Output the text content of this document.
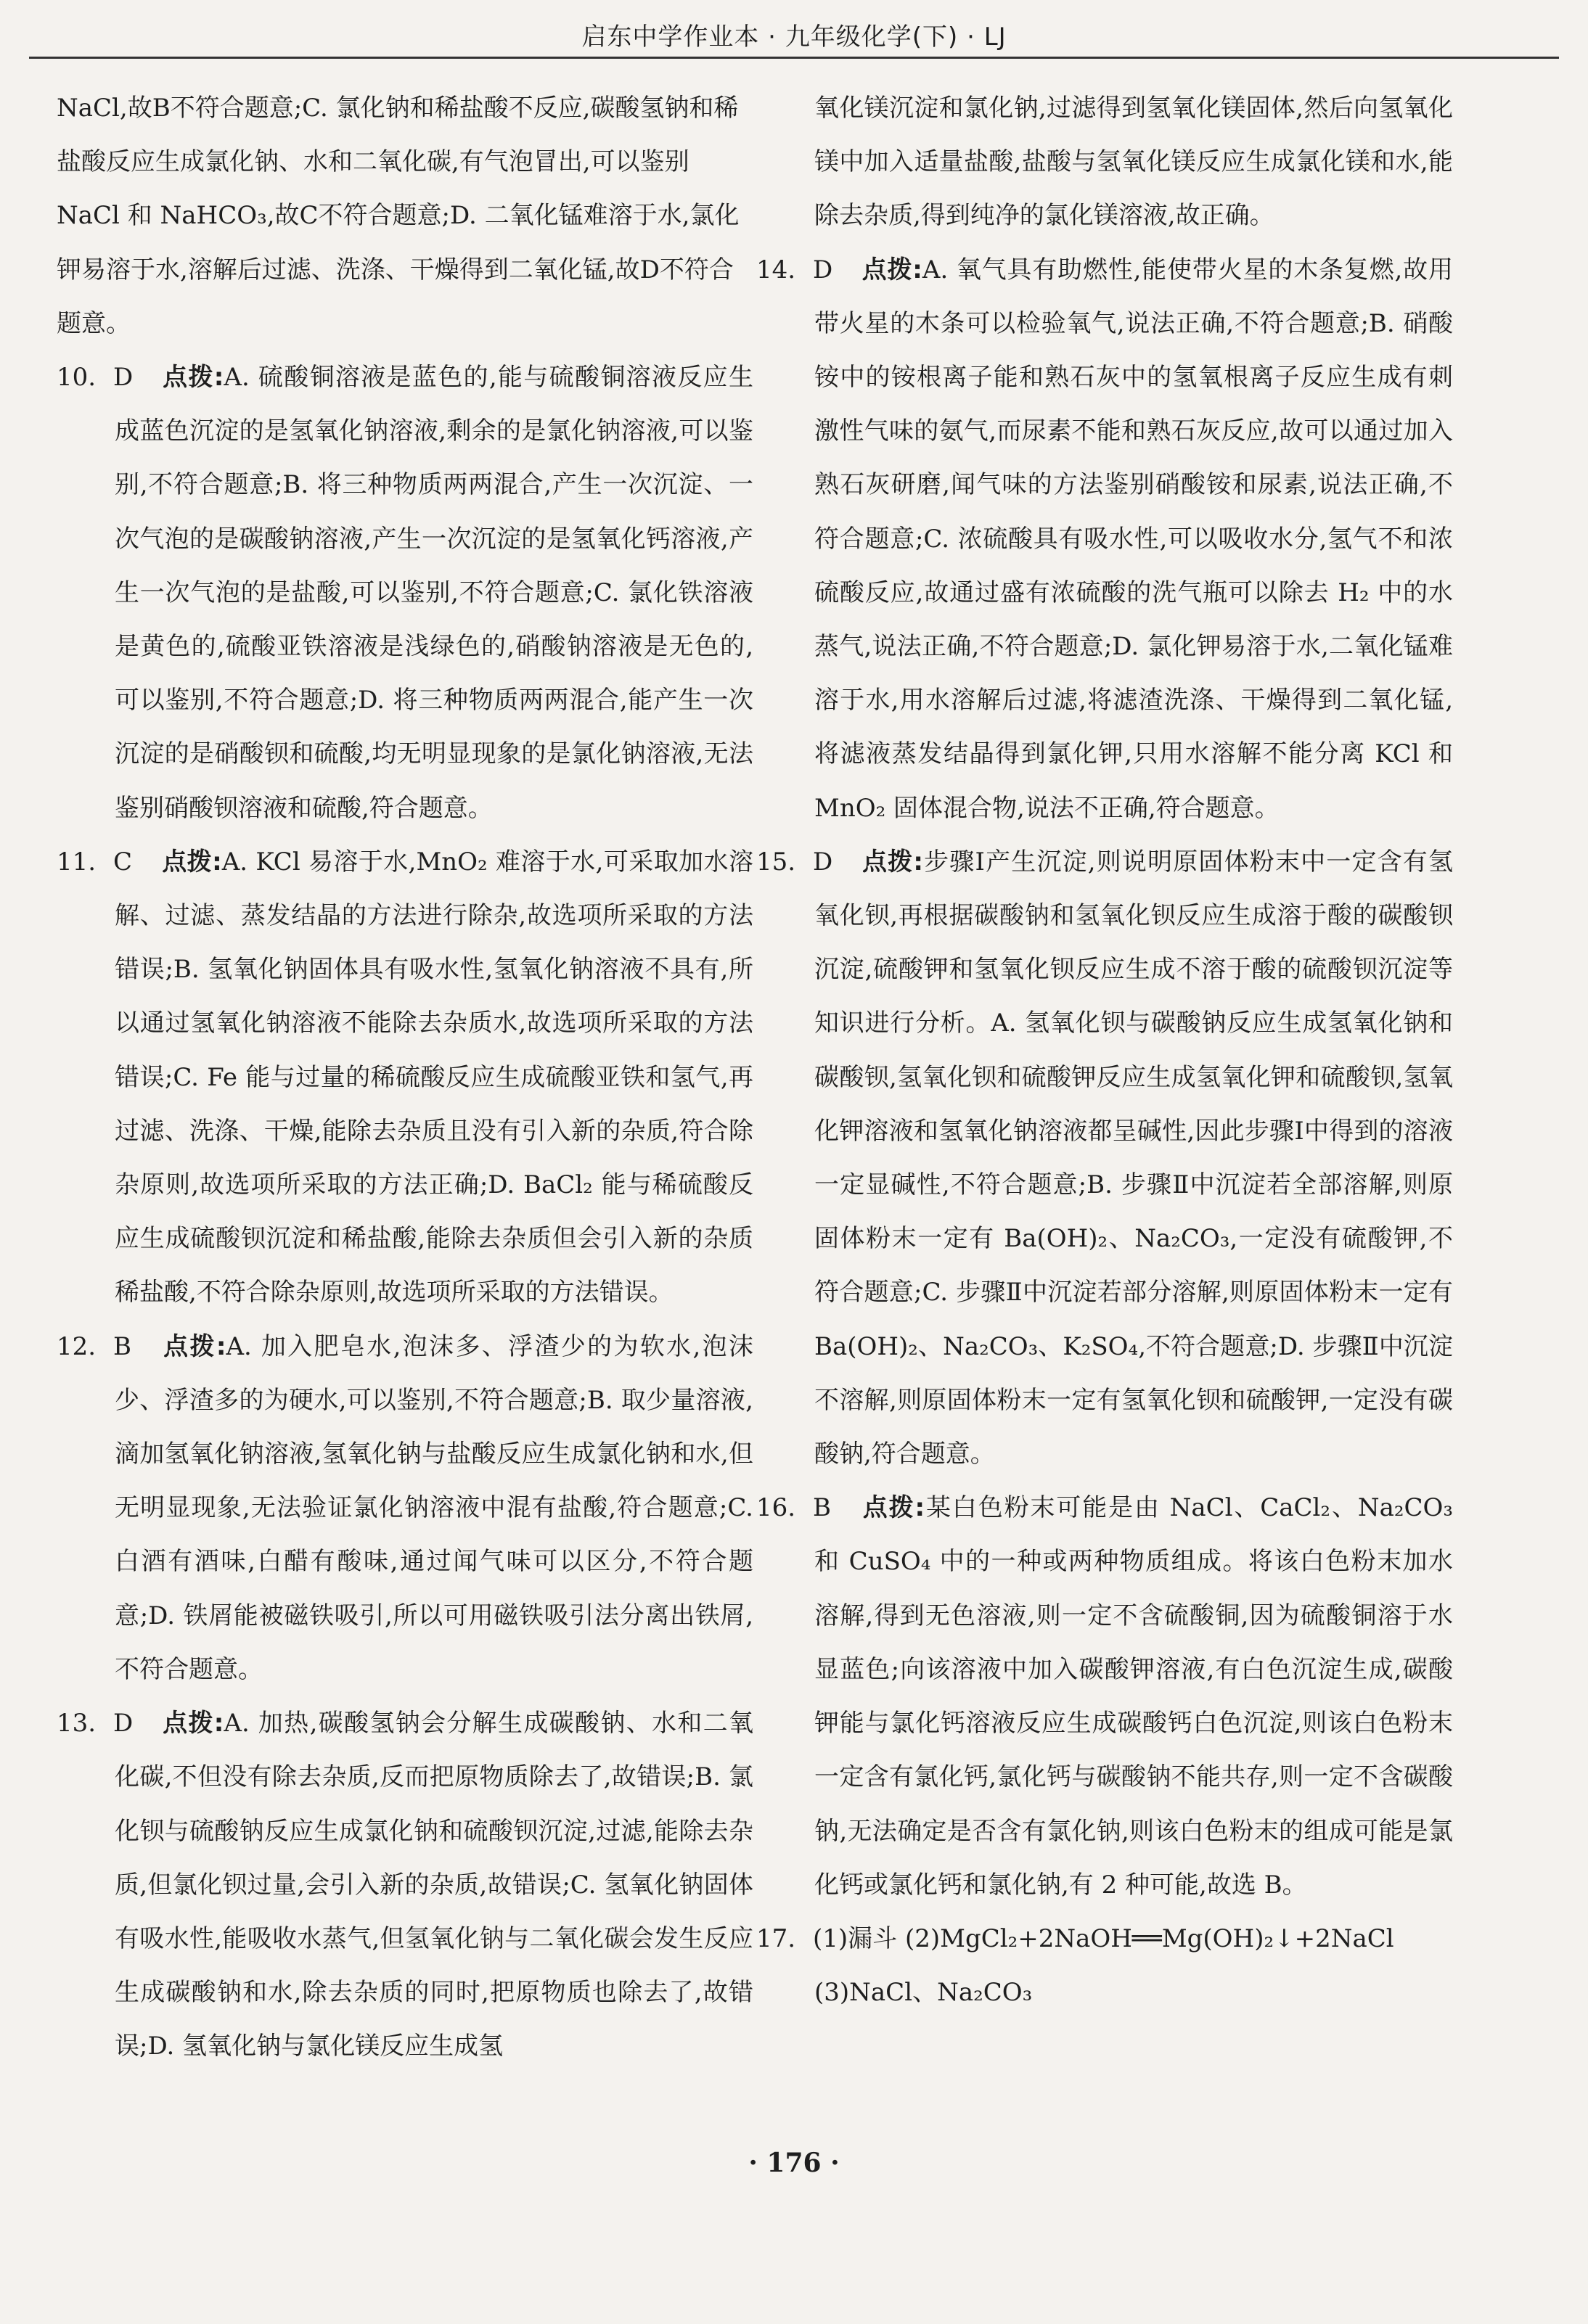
启东中学作业本 · 九年级化学(下) · LJ

NaCl,故B不符合题意;C. 氯化钠和稀盐酸不反应,碳酸氢钠和稀盐酸反应生成氯化钠、水和二氧化碳,有气泡冒出,可以鉴别 NaCl 和 NaHCO₃,故C不符合题意;D. 二氧化锰难溶于水,氯化钾易溶于水,溶解后过滤、洗涤、干燥得到二氧化锰,故D不符合题意。

10. D 点拨:A. 硫酸铜溶液是蓝色的,能与硫酸铜溶液反应生成蓝色沉淀的是氢氧化钠溶液,剩余的是氯化钠溶液,可以鉴别,不符合题意;B. 将三种物质两两混合,产生一次沉淀、一次气泡的是碳酸钠溶液,产生一次沉淀的是氢氧化钙溶液,产生一次气泡的是盐酸,可以鉴别,不符合题意;C. 氯化铁溶液是黄色的,硫酸亚铁溶液是浅绿色的,硝酸钠溶液是无色的,可以鉴别,不符合题意;D. 将三种物质两两混合,能产生一次沉淀的是硝酸钡和硫酸,均无明显现象的是氯化钠溶液,无法鉴别硝酸钡溶液和硫酸,符合题意。
11. C 点拨:A. KCl 易溶于水,MnO₂ 难溶于水,可采取加水溶解、过滤、蒸发结晶的方法进行除杂,故选项所采取的方法错误;B. 氢氧化钠固体具有吸水性,氢氧化钠溶液不具有,所以通过氢氧化钠溶液不能除去杂质水,故选项所采取的方法错误;C. Fe 能与过量的稀硫酸反应生成硫酸亚铁和氢气,再过滤、洗涤、干燥,能除去杂质且没有引入新的杂质,符合除杂原则,故选项所采取的方法正确;D. BaCl₂ 能与稀硫酸反应生成硫酸钡沉淀和稀盐酸,能除去杂质但会引入新的杂质稀盐酸,不符合除杂原则,故选项所采取的方法错误。
12. B 点拨:A. 加入肥皂水,泡沫多、浮渣少的为软水,泡沫少、浮渣多的为硬水,可以鉴别,不符合题意;B. 取少量溶液,滴加氢氧化钠溶液,氢氧化钠与盐酸反应生成氯化钠和水,但无明显现象,无法验证氯化钠溶液中混有盐酸,符合题意;C. 白酒有酒味,白醋有酸味,通过闻气味可以区分,不符合题意;D. 铁屑能被磁铁吸引,所以可用磁铁吸引法分离出铁屑,不符合题意。
13. D 点拨:A. 加热,碳酸氢钠会分解生成碳酸钠、水和二氧化碳,不但没有除去杂质,反而把原物质除去了,故错误;B. 氯化钡与硫酸钠反应生成氯化钠和硫酸钡沉淀,过滤,能除去杂质,但氯化钡过量,会引入新的杂质,故错误;C. 氢氧化钠固体有吸水性,能吸收水蒸气,但氢氧化钠与二氧化碳会发生反应生成碳酸钠和水,除去杂质的同时,把原物质也除去了,故错误;D. 氢氧化钠与氯化镁反应生成氢
氧化镁沉淀和氯化钠,过滤得到氢氧化镁固体,然后向氢氧化镁中加入适量盐酸,盐酸与氢氧化镁反应生成氯化镁和水,能除去杂质,得到纯净的氯化镁溶液,故正确。
14. D 点拨:A. 氧气具有助燃性,能使带火星的木条复燃,故用带火星的木条可以检验氧气,说法正确,不符合题意;B. 硝酸铵中的铵根离子能和熟石灰中的氢氧根离子反应生成有刺激性气味的氨气,而尿素不能和熟石灰反应,故可以通过加入熟石灰研磨,闻气味的方法鉴别硝酸铵和尿素,说法正确,不符合题意;C. 浓硫酸具有吸水性,可以吸收水分,氢气不和浓硫酸反应,故通过盛有浓硫酸的洗气瓶可以除去 H₂ 中的水蒸气,说法正确,不符合题意;D. 氯化钾易溶于水,二氧化锰难溶于水,用水溶解后过滤,将滤渣洗涤、干燥得到二氧化锰,将滤液蒸发结晶得到氯化钾,只用水溶解不能分离 KCl 和 MnO₂ 固体混合物,说法不正确,符合题意。
15. D 点拨:步骤Ⅰ产生沉淀,则说明原固体粉末中一定含有氢氧化钡,再根据碳酸钠和氢氧化钡反应生成溶于酸的碳酸钡沉淀,硫酸钾和氢氧化钡反应生成不溶于酸的硫酸钡沉淀等知识进行分析。A. 氢氧化钡与碳酸钠反应生成氢氧化钠和碳酸钡,氢氧化钡和硫酸钾反应生成氢氧化钾和硫酸钡,氢氧化钾溶液和氢氧化钠溶液都呈碱性,因此步骤Ⅰ中得到的溶液一定显碱性,不符合题意;B. 步骤Ⅱ中沉淀若全部溶解,则原固体粉末一定有 Ba(OH)₂、Na₂CO₃,一定没有硫酸钾,不符合题意;C. 步骤Ⅱ中沉淀若部分溶解,则原固体粉末一定有 Ba(OH)₂、Na₂CO₃、K₂SO₄,不符合题意;D. 步骤Ⅱ中沉淀不溶解,则原固体粉末一定有氢氧化钡和硫酸钾,一定没有碳酸钠,符合题意。
16. B 点拨:某白色粉末可能是由 NaCl、CaCl₂、Na₂CO₃ 和 CuSO₄ 中的一种或两种物质组成。将该白色粉末加水溶解,得到无色溶液,则一定不含硫酸铜,因为硫酸铜溶于水显蓝色;向该溶液中加入碳酸钾溶液,有白色沉淀生成,碳酸钾能与氯化钙溶液反应生成碳酸钙白色沉淀,则该白色粉末一定含有氯化钙,氯化钙与碳酸钠不能共存,则一定不含碳酸钠,无法确定是否含有氯化钠,则该白色粉末的组成可能是氯化钙或氯化钙和氯化钠,有 2 种可能,故选 B。
17. (1)漏斗 (2)MgCl₂+2NaOH══Mg(OH)₂↓+2NaCl
(3)NaCl、Na₂CO₃
· 176 ·
